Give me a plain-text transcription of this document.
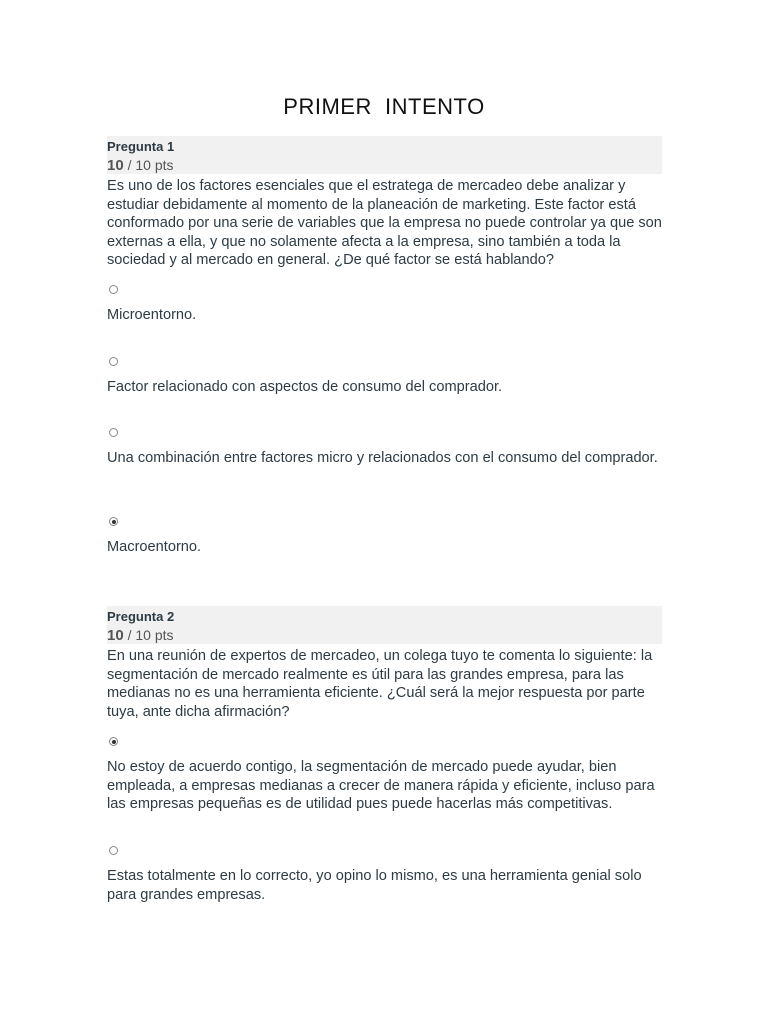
PRIMER  INTENTO
Pregunta 1
10 / 10 pts

Es uno de los factores esenciales que el estratega de mercadeo debe analizar y estudiar debidamente al momento de la planeación de marketing. Este factor está conformado por una serie de variables que la empresa no puede controlar ya que son externas a ella, y que no solamente afecta a la empresa, sino también a toda la sociedad y al mercado en general. ¿De qué factor se está hablando?

Microentorno.
Factor relacionado con aspectos de consumo del comprador.
Una combinación entre factores micro y relacionados con el consumo del comprador.
Macroentorno.
Pregunta 2
10 / 10 pts

En una reunión de expertos de mercadeo, un colega tuyo te comenta lo siguiente: la segmentación de mercado realmente es útil para las grandes empresa, para las medianas no es una herramienta eficiente. ¿Cuál será la mejor respuesta por parte tuya, ante dicha afirmación?

No estoy de acuerdo contigo, la segmentación de mercado puede ayudar, bien empleada, a empresas medianas a crecer de manera rápida y eficiente, incluso para las empresas pequeñas es de utilidad pues puede hacerlas más competitivas.
Estas totalmente en lo correcto, yo opino lo mismo, es una herramienta genial solo para grandes empresas.
